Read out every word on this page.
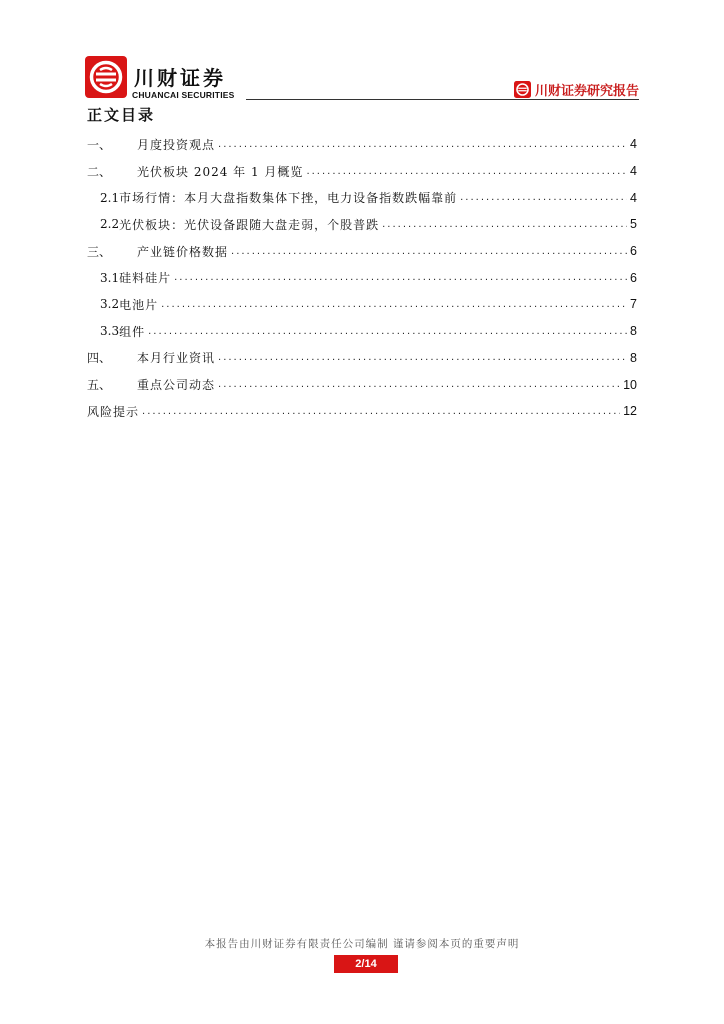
川财证券
CHUANCAI SECURITIES	川财证券研究报告
正文目录
一、	月度投资观点 .....	4
二、	光伏板块 2024 年 1 月概览 .....	4
2.1 市场行情：本月大盘指数集体下挫，电力设备指数跌幅靠前 .....	4
2.2 光伏板块：光伏设备跟随大盘走弱，个股普跌 .....	5
三、	产业链价格数据 .....	6
3.1 硅料硅片 .....	6
3.2 电池片 .....	7
3.3 组件 .....	8
四、	本月行业资讯 .....	8
五、	重点公司动态 .....	10
风险提示 .....	12
本报告由川财证券有限责任公司编制 谨请参阅本页的重要声明
2/14
